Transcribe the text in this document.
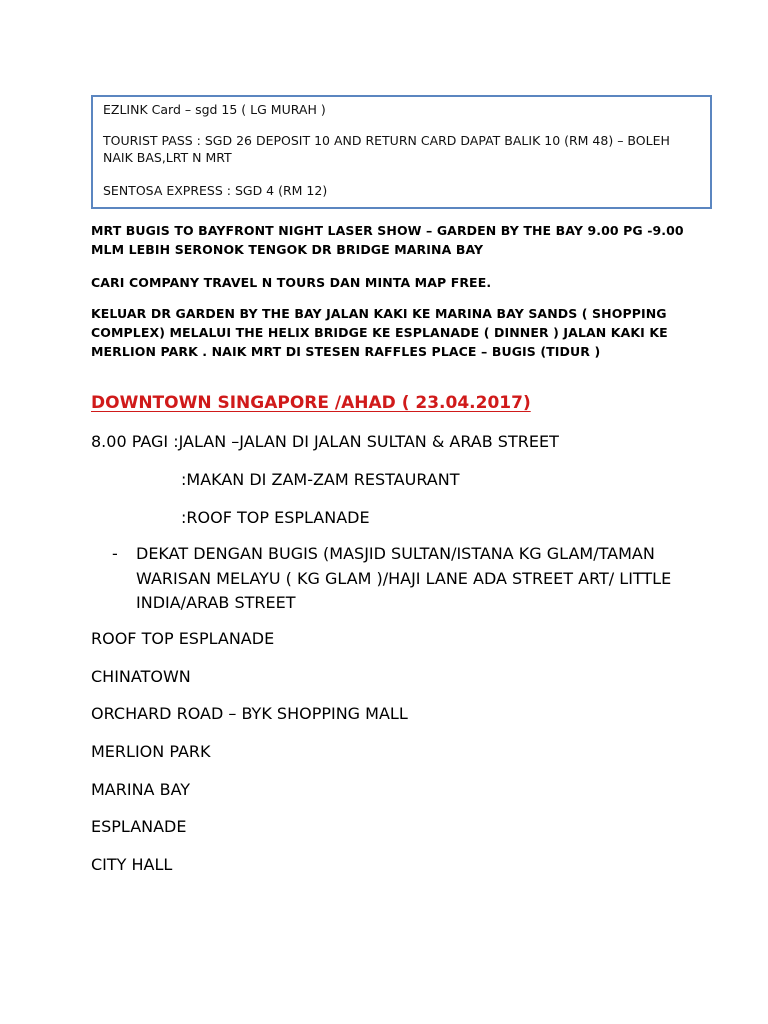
EZLINK Card – sgd 15 ( LG MURAH )

TOURIST PASS : SGD 26 DEPOSIT 10 AND RETURN CARD DAPAT BALIK 10 (RM 48) – BOLEH NAIK BAS,LRT N MRT

SENTOSA EXPRESS : SGD 4 (RM 12)

MRT BUGIS TO BAYFRONT NIGHT LASER SHOW – GARDEN BY THE BAY 9.00 PG -9.00 MLM LEBIH SERONOK TENGOK DR BRIDGE MARINA BAY
CARI COMPANY TRAVEL N TOURS DAN MINTA MAP FREE.
KELUAR DR GARDEN BY THE BAY JALAN KAKI KE MARINA BAY SANDS ( SHOPPING COMPLEX) MELALUI THE HELIX BRIDGE KE ESPLANADE ( DINNER ) JALAN KAKI KE MERLION PARK . NAIK MRT DI STESEN RAFFLES PLACE – BUGIS (TIDUR )
DOWNTOWN SINGAPORE /AHAD ( 23.04.2017)
8.00 PAGI :JALAN –JALAN DI JALAN SULTAN & ARAB STREET
:MAKAN DI ZAM-ZAM RESTAURANT
:ROOF TOP ESPLANADE
- DEKAT DENGAN BUGIS (MASJID SULTAN/ISTANA KG GLAM/TAMAN WARISAN MELAYU ( KG GLAM )/HAJI LANE ADA STREET ART/ LITTLE INDIA/ARAB STREET
ROOF TOP ESPLANADE
CHINATOWN
ORCHARD ROAD – BYK SHOPPING MALL
MERLION PARK
MARINA BAY
ESPLANADE
CITY HALL
